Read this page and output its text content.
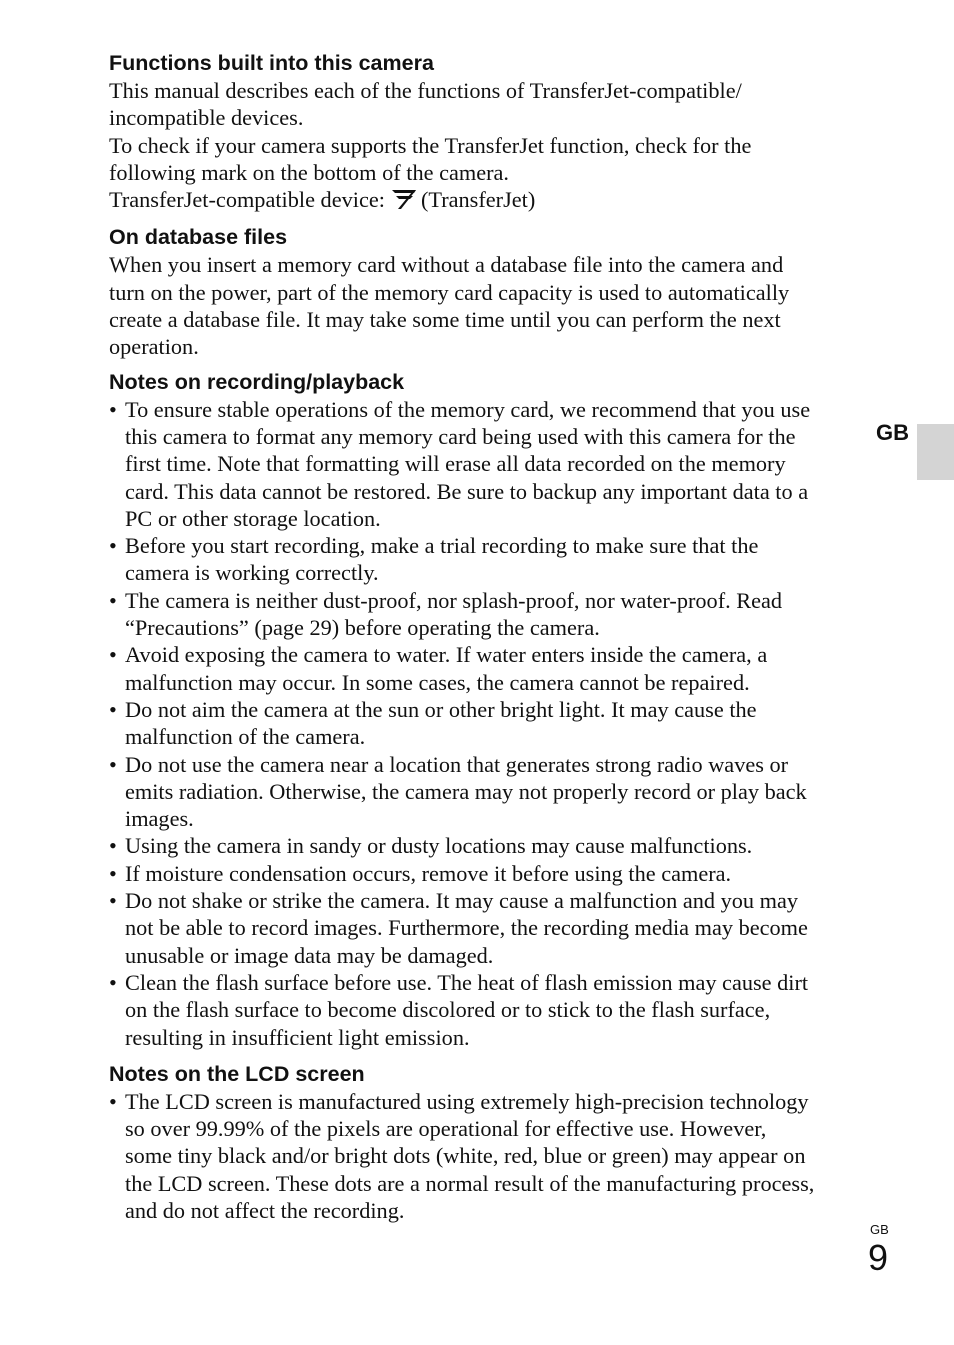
Functions built into this camera

This manual describes each of the functions of TransferJet-compatible/
incompatible devices.
To check if your camera supports the TransferJet function, check for the
following mark on the bottom of the camera.
TransferJet-compatible device: (TransferJet)

On database files

When you insert a memory card without a database file into the camera and
turn on the power, part of the memory card capacity is used to automatically
create a database file. It may take some time until you can perform the next
operation.

Notes on recording/playback
• To ensure stable operations of the memory card, we recommend that you use
this camera to format any memory card being used with this camera for the
first time. Note that formatting will erase all data recorded on the memory
card. This data cannot be restored. Be sure to backup any important data to a
PC or other storage location.
• Before you start recording, make a trial recording to make sure that the
camera is working correctly.
• The camera is neither dust-proof, nor splash-proof, nor water-proof. Read
“Precautions” (page 29) before operating the camera.
• Avoid exposing the camera to water. If water enters inside the camera, a
malfunction may occur. In some cases, the camera cannot be repaired.
• Do not aim the camera at the sun or other bright light. It may cause the
malfunction of the camera.
• Do not use the camera near a location that generates strong radio waves or
emits radiation. Otherwise, the camera may not properly record or play back
images.
• Using the camera in sandy or dusty locations may cause malfunctions.
• If moisture condensation occurs, remove it before using the camera.
• Do not shake or strike the camera. It may cause a malfunction and you may
not be able to record images. Furthermore, the recording media may become
unusable or image data may be damaged.
• Clean the flash surface before use. The heat of flash emission may cause dirt
on the flash surface to become discolored or to stick to the flash surface,
resulting in insufficient light emission.
Notes on the LCD screen
• The LCD screen is manufactured using extremely high-precision technology
so over 99.99% of the pixels are operational for effective use. However,
some tiny black and/or bright dots (white, red, blue or green) may appear on
the LCD screen. These dots are a normal result of the manufacturing process,
and do not affect the recording.
GB
GB
9
